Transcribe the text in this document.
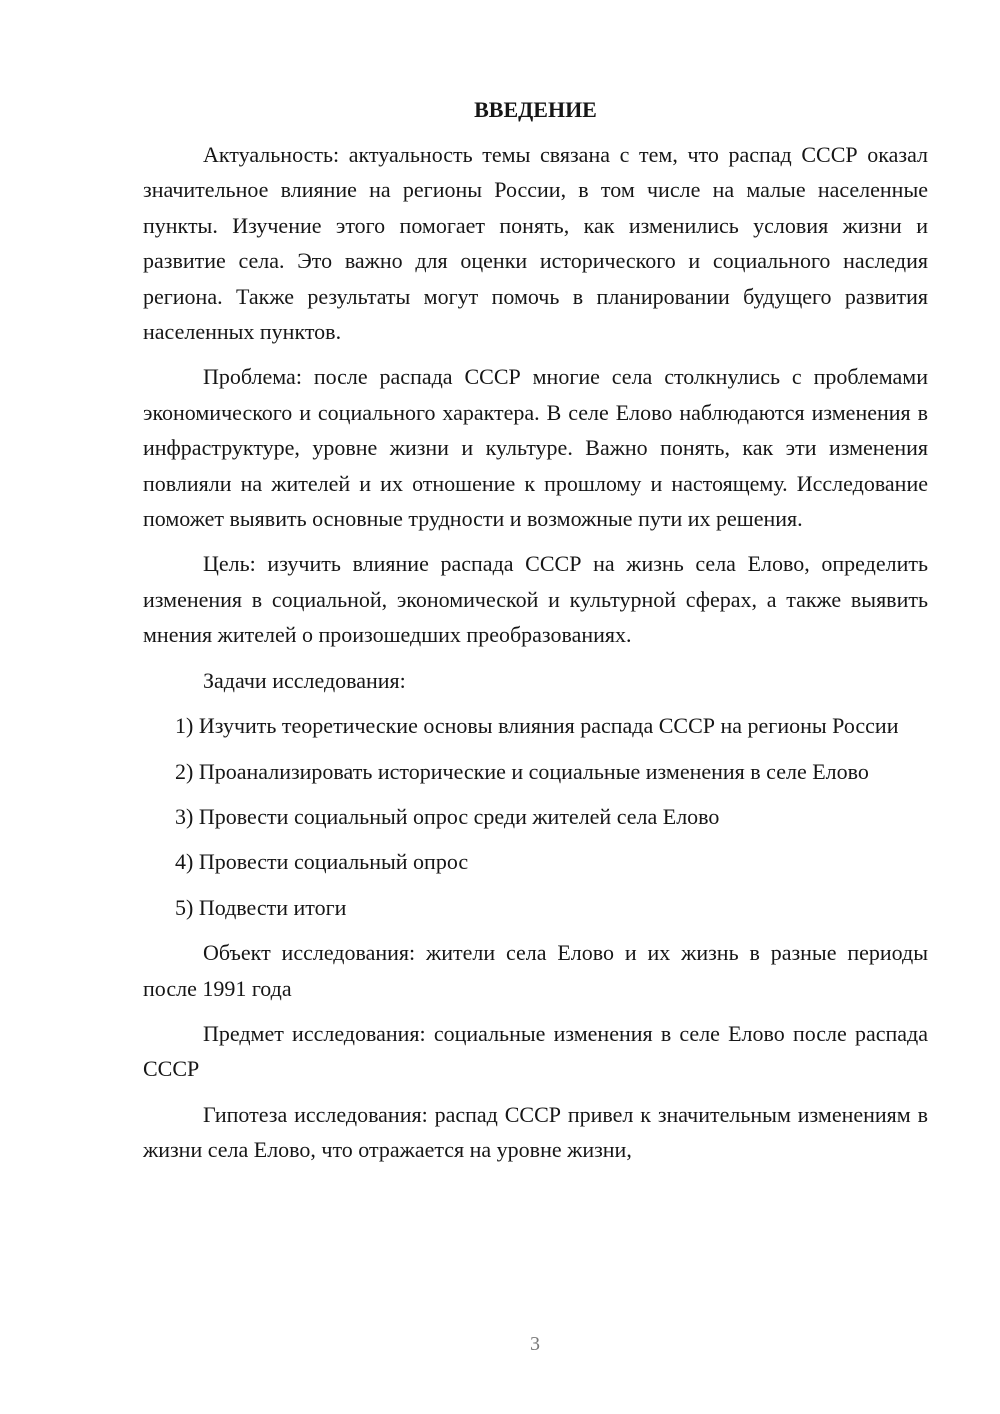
ВВЕДЕНИЕ

Актуальность: актуальность темы связана с тем, что распад СССР оказал значительное влияние на регионы России, в том числе на малые населенные пункты. Изучение этого помогает понять, как изменились условия жизни и развитие села. Это важно для оценки исторического и социального наследия региона. Также результаты могут помочь в планировании будущего развития населенных пунктов.

Проблема: после распада СССР многие села столкнулись с проблемами экономического и социального характера. В селе Елово наблюдаются изменения в инфраструктуре, уровне жизни и культуре. Важно понять, как эти изменения повлияли на жителей и их отношение к прошлому и настоящему. Исследование поможет выявить основные трудности и возможные пути их решения.

Цель: изучить влияние распада СССР на жизнь села Елово, определить изменения в социальной, экономической и культурной сферах, а также выявить мнения жителей о произошедших преобразованиях.

Задачи исследования:

1) Изучить теоретические основы влияния распада СССР на регионы России

2) Проанализировать исторические и социальные изменения в селе Елово

3) Провести социальный опрос среди жителей села Елово

4) Провести социальный опрос

5) Подвести итоги

Объект исследования: жители села Елово и их жизнь в разные периоды после 1991 года

Предмет исследования: социальные изменения в селе Елово после распада СССР

Гипотеза исследования: распад СССР привел к значительным изменениям в жизни села Елово, что отражается на уровне жизни,

3
